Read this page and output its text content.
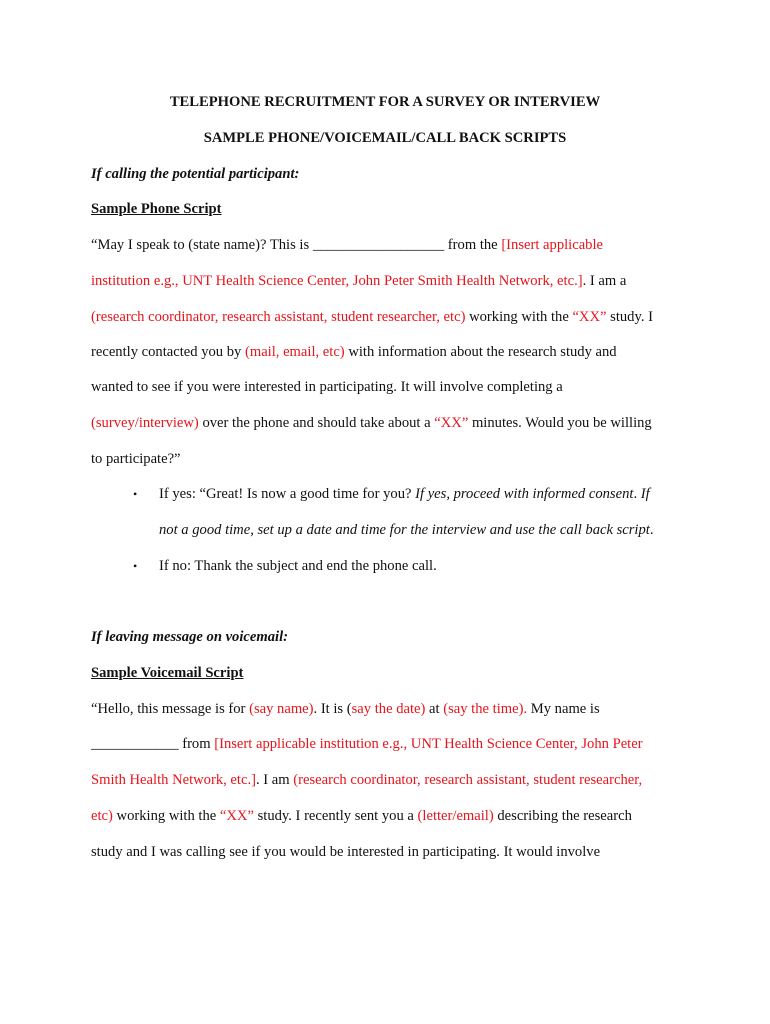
TELEPHONE RECRUITMENT FOR A SURVEY OR INTERVIEW
SAMPLE PHONE/VOICEMAIL/CALL BACK SCRIPTS
If calling the potential participant:
Sample Phone Script
“May I speak to (state name)? This is __________________ from the [Insert applicable
institution e.g., UNT Health Science Center, John Peter Smith Health Network, etc.]. I am a
(research coordinator, research assistant, student researcher, etc) working with the “XX” study. I
recently contacted you by (mail, email, etc) with information about the research study and
wanted to see if you were interested in participating. It will involve completing a
(survey/interview) over the phone and should take about a “XX” minutes. Would you be willing
to participate?”
• If yes: “Great! Is now a good time for you? If yes, proceed with informed consent. If
not a good time, set up a date and time for the interview and use the call back script.
• If no: Thank the subject and end the phone call.
If leaving message on voicemail:
Sample Voicemail Script
“Hello, this message is for (say name). It is (say the date) at (say the time). My name is
____________ from [Insert applicable institution e.g., UNT Health Science Center, John Peter
Smith Health Network, etc.]. I am (research coordinator, research assistant, student researcher,
etc) working with the “XX” study. I recently sent you a (letter/email) describing the research
study and I was calling see if you would be interested in participating. It would involve
